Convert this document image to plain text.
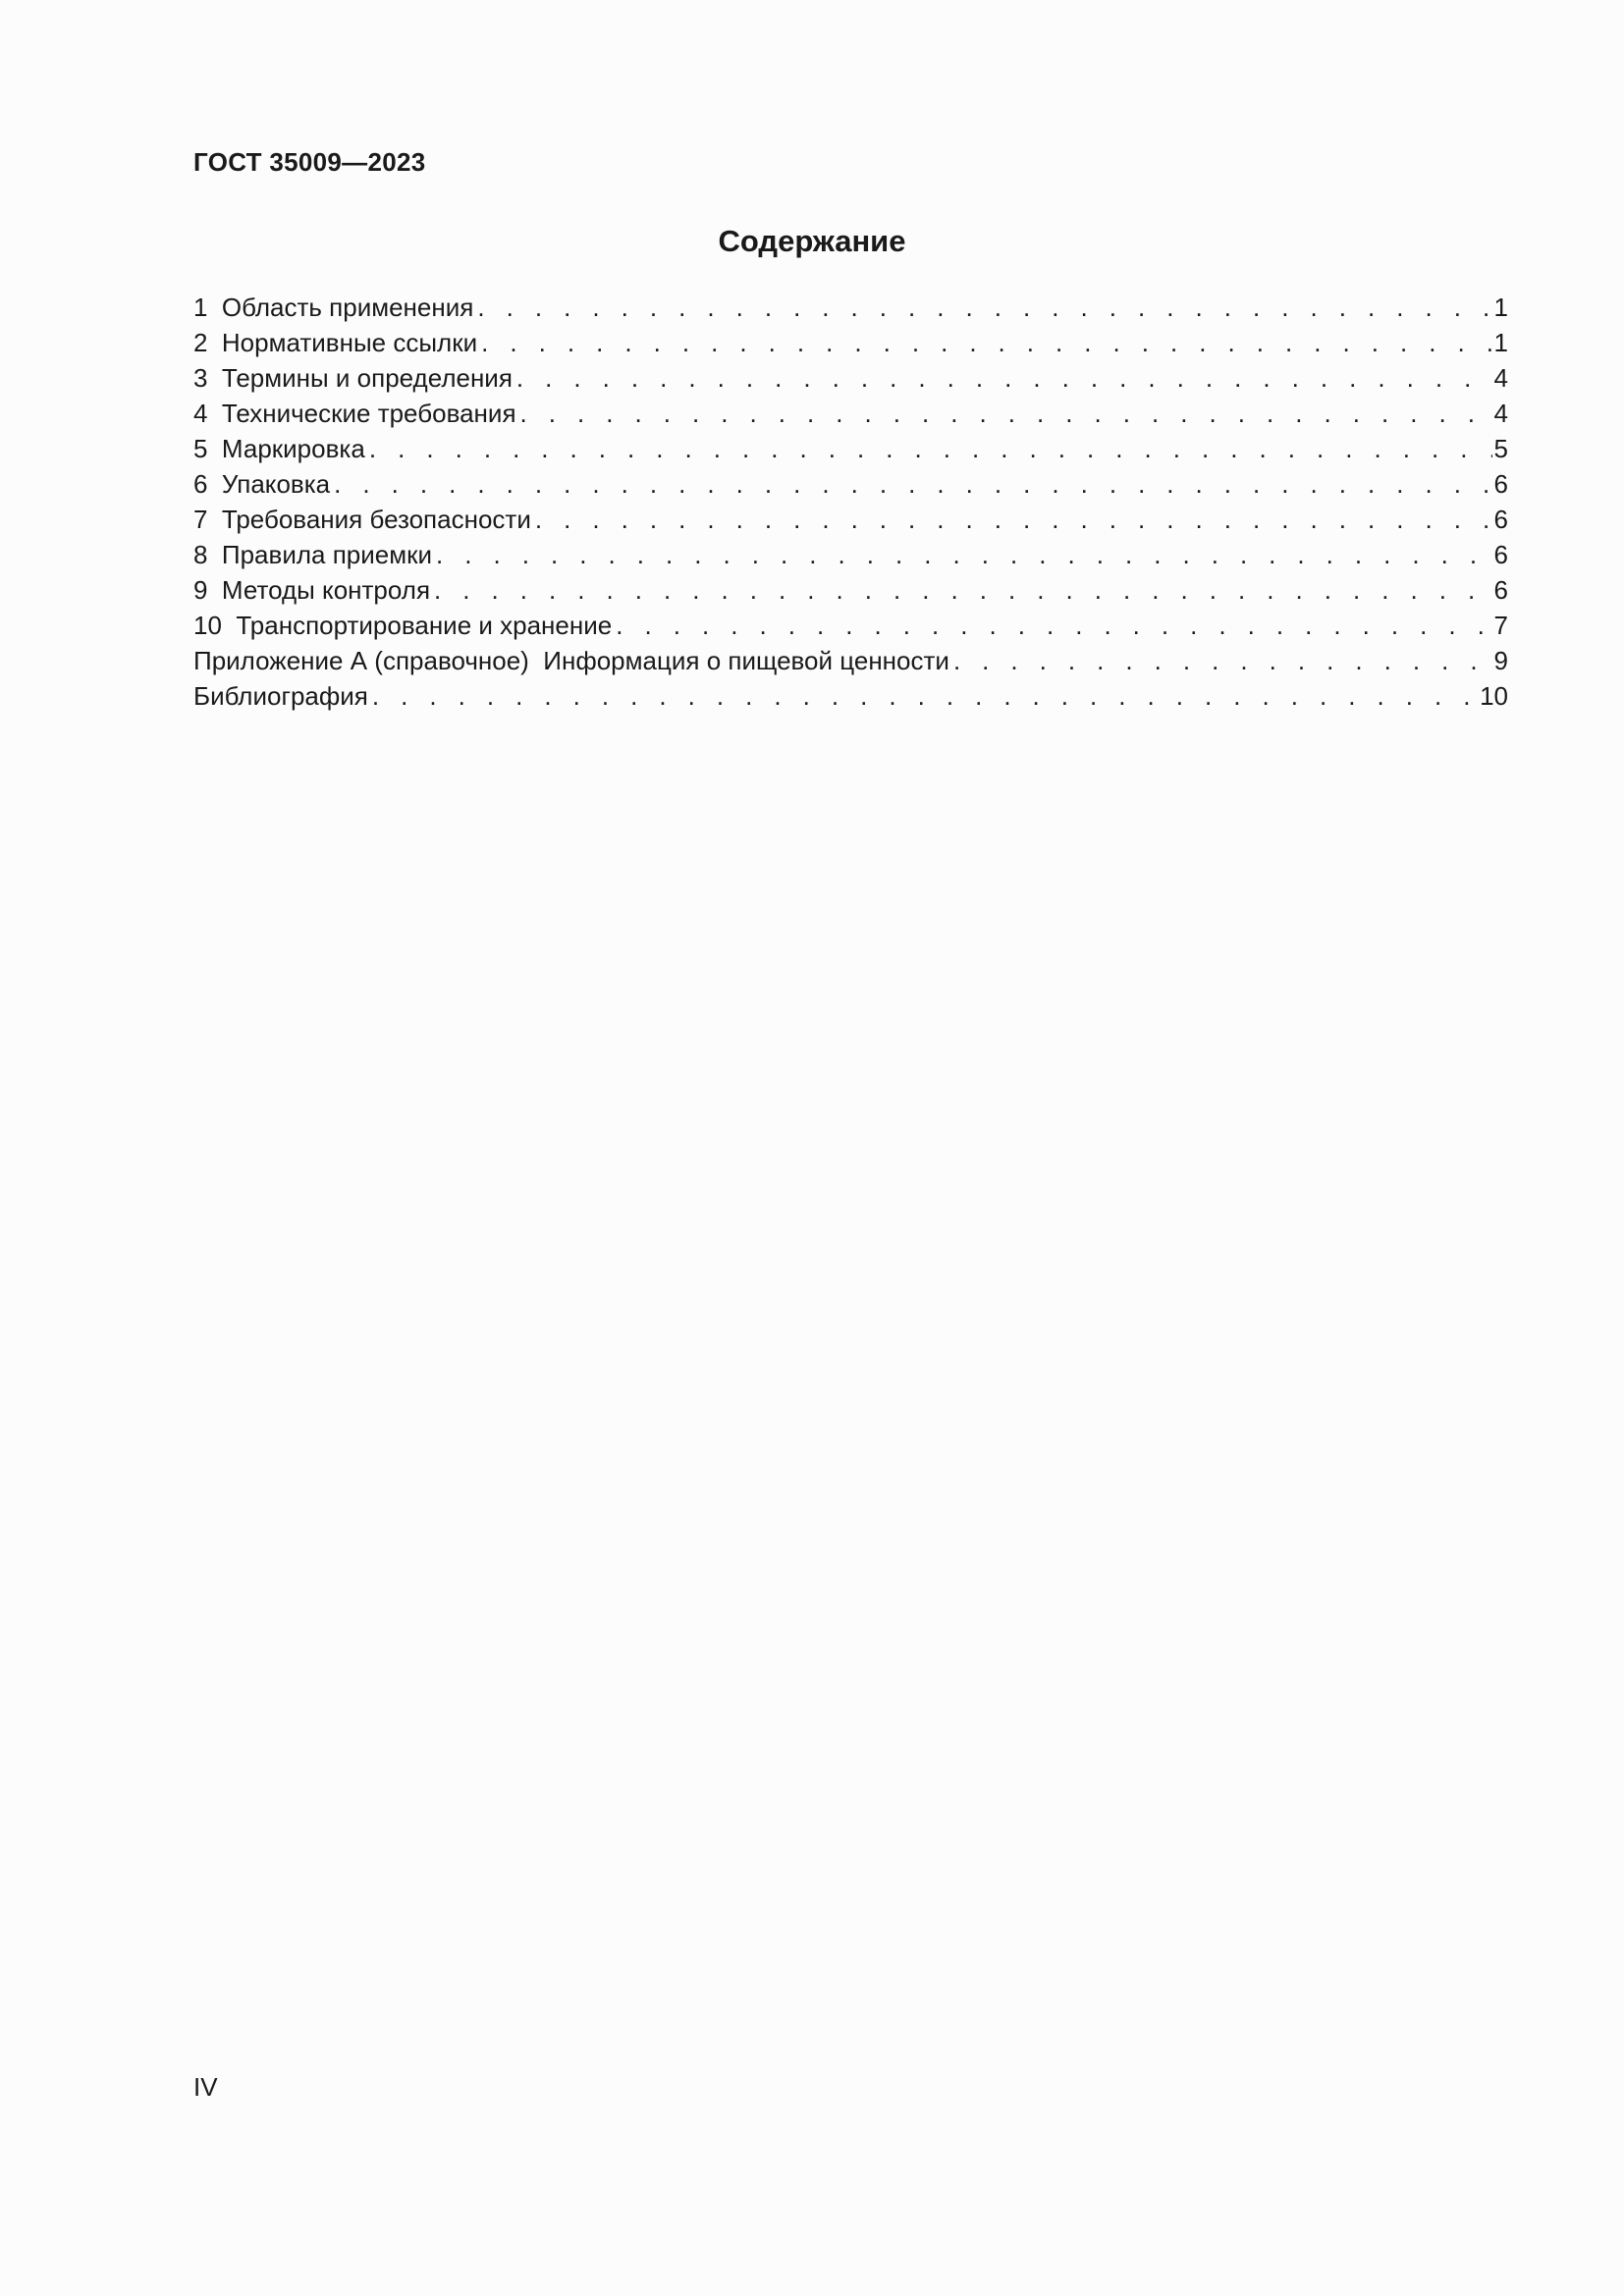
ГОСТ 35009—2023
Содержание
1  Область применения . . .	1
2  Нормативные ссылки . . .	1
3  Термины и определения . . .	4
4  Технические требования . . .	4
5  Маркировка . . .	5
6  Упаковка . . .	6
7  Требования безопасности . . .	6
8  Правила приемки . . .	6
9  Методы контроля . . .	6
10  Транспортирование и хранение . . .	7
Приложение А (справочное)  Информация о пищевой ценности . . .	9
Библиография . . .	10
IV
